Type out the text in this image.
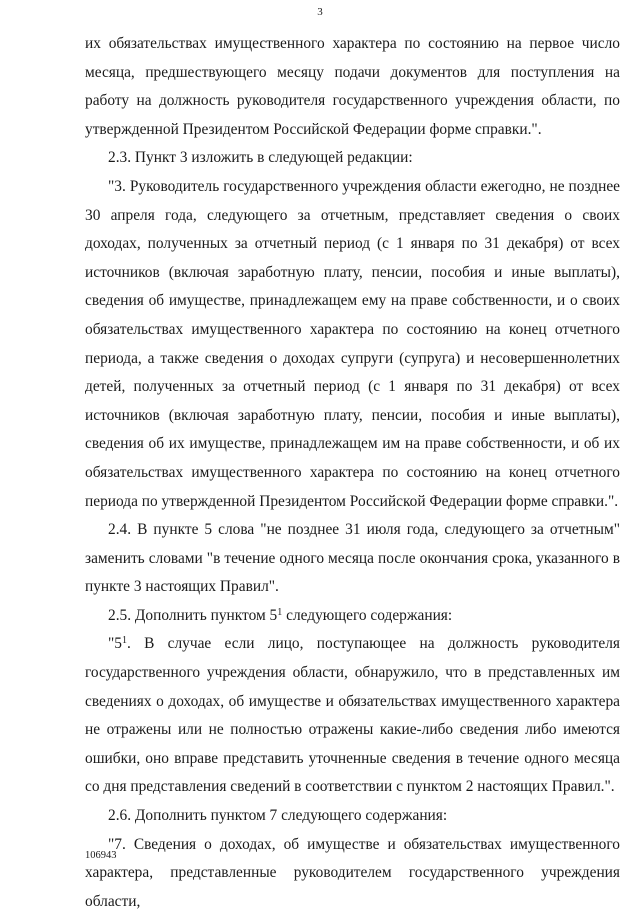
3

их обязательствах имущественного характера по состоянию на первое число месяца, предшествующего месяцу подачи документов для поступления на работу на должность руководителя государственного учреждения области, по утвержденной Президентом Российской Федерации форме справки.".

2.3. Пункт 3 изложить в следующей редакции:

"3. Руководитель государственного учреждения области ежегодно, не позднее 30 апреля года, следующего за отчетным, представляет сведения о своих доходах, полученных за отчетный период (с 1 января по 31 декабря) от всех источников (включая заработную плату, пенсии, пособия и иные выплаты), сведения об имуществе, принадлежащем ему на праве собственности, и о своих обязательствах имущественного характера по состоянию на конец отчетного периода, а также сведения о доходах супруги (супруга) и несовершеннолетних детей, полученных за отчетный период (с 1 января по 31 декабря) от всех источников (включая заработную плату, пенсии, пособия и иные выплаты), сведения об их имуществе, принадлежащем им на праве собственности, и об их обязательствах имущественного характера по состоянию на конец отчетного периода по утвержденной Президентом Российской Федерации форме справки.".

2.4. В пункте 5 слова "не позднее 31 июля года, следующего за отчетным" заменить словами "в течение одного месяца после окончания срока, указанного в пункте 3 настоящих Правил".

2.5. Дополнить пунктом $5^1$ следующего содержания:

"$5^1$. В случае если лицо, поступающее на должность руководителя государственного учреждения области, обнаружило, что в представленных им сведениях о доходах, об имуществе и обязательствах имущественного характера не отражены или не полностью отражены какие-либо сведения либо имеются ошибки, оно вправе представить уточненные сведения в течение одного месяца со дня представления сведений в соответствии с пунктом 2 настоящих Правил.".

2.6. Дополнить пунктом 7 следующего содержания:

"7. Сведения о доходах, об имуществе и обязательствах имущественного характера, представленные руководителем государственного учреждения области,

106943
